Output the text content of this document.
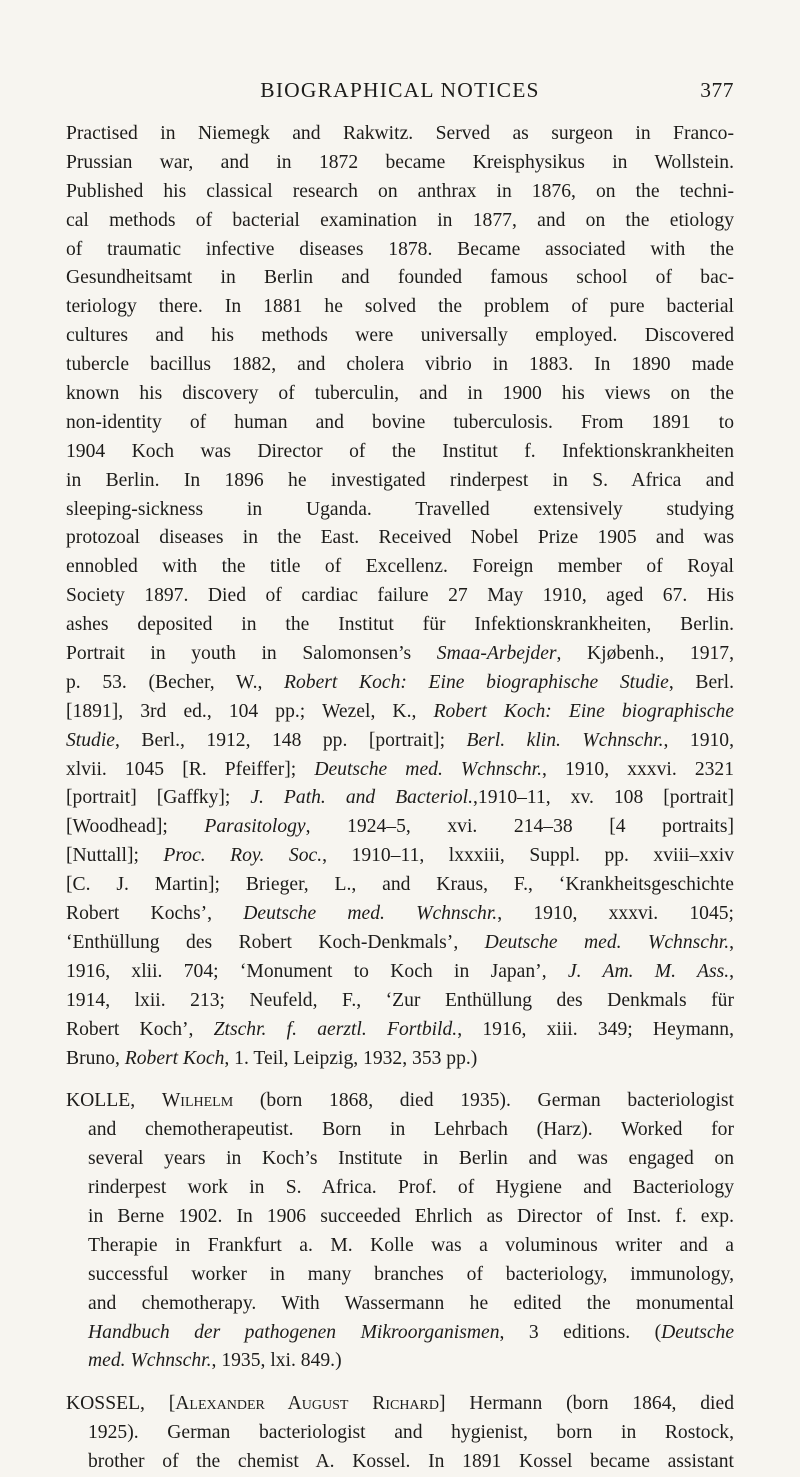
BIOGRAPHICAL NOTICES	377
Practised in Niemegk and Rakwitz. Served as surgeon in Franco-
Prussian war, and in 1872 became Kreisphysikus in Wollstein.
Published his classical research on anthrax in 1876, on the techni-
cal methods of bacterial examination in 1877, and on the etiology
of traumatic infective diseases 1878. Became associated with the
Gesundheitsamt in Berlin and founded famous school of bac-
teriology there. In 1881 he solved the problem of pure bacterial
cultures and his methods were universally employed. Discovered
tubercle bacillus 1882, and cholera vibrio in 1883. In 1890 made
known his discovery of tuberculin, and in 1900 his views on the
non-identity of human and bovine tuberculosis. From 1891 to
1904 Koch was Director of the Institut f. Infektionskrankheiten
in Berlin. In 1896 he investigated rinderpest in S. Africa and
sleeping-sickness in Uganda. Travelled extensively studying
protozoal diseases in the East. Received Nobel Prize 1905 and was
ennobled with the title of Excellenz. Foreign member of Royal
Society 1897. Died of cardiac failure 27 May 1910, aged 67. His
ashes deposited in the Institut für Infektionskrankheiten, Berlin.
Portrait in youth in Salomonsen’s Smaa-Arbejder, Kjøbenh., 1917,
p. 53. (Becher, W., Robert Koch: Eine biographische Studie, Berl.
[1891], 3rd ed., 104 pp.; Wezel, K., Robert Koch: Eine biographische
Studie, Berl., 1912, 148 pp. [portrait]; Berl. klin. Wchnschr., 1910,
xlvii. 1045 [R. Pfeiffer]; Deutsche med. Wchnschr., 1910, xxxvi. 2321
[portrait] [Gaffky]; J. Path. and Bacteriol.,1910–11, xv. 108 [portrait]
[Woodhead]; Parasitology, 1924–5, xvi. 214–38 [4 portraits]
[Nuttall]; Proc. Roy. Soc., 1910–11, lxxxiii, Suppl. pp. xviii–xxiv
[C. J. Martin]; Brieger, L., and Kraus, F., ‘Krankheitsgeschichte
Robert Kochs’, Deutsche med. Wchnschr., 1910, xxxvi. 1045;
‘Enthüllung des Robert Koch-Denkmals’, Deutsche med. Wchnschr.,
1916, xlii. 704; ‘Monument to Koch in Japan’, J. Am. M. Ass.,
1914, lxii. 213; Neufeld, F., ‘Zur Enthüllung des Denkmals für
Robert Koch’, Ztschr. f. aerztl. Fortbild., 1916, xiii. 349; Heymann,
Bruno, Robert Koch, 1. Teil, Leipzig, 1932, 353 pp.)
KOLLE, Wilhelm (born 1868, died 1935). German bacteriologist
and chemotherapeutist. Born in Lehrbach (Harz). Worked for
several years in Koch’s Institute in Berlin and was engaged on
rinderpest work in S. Africa. Prof. of Hygiene and Bacteriology
in Berne 1902. In 1906 succeeded Ehrlich as Director of Inst. f. exp.
Therapie in Frankfurt a. M. Kolle was a voluminous writer and a
successful worker in many branches of bacteriology, immunology,
and chemotherapy. With Wassermann he edited the monumental
Handbuch der pathogenen Mikroorganismen, 3 editions. (Deutsche
med. Wchnschr., 1935, lxi. 849.)
KOSSEL, [Alexander August Richard] Hermann (born 1864, died
1925). German bacteriologist and hygienist, born in Rostock,
brother of the chemist A. Kossel. In 1891 Kossel became assistant
